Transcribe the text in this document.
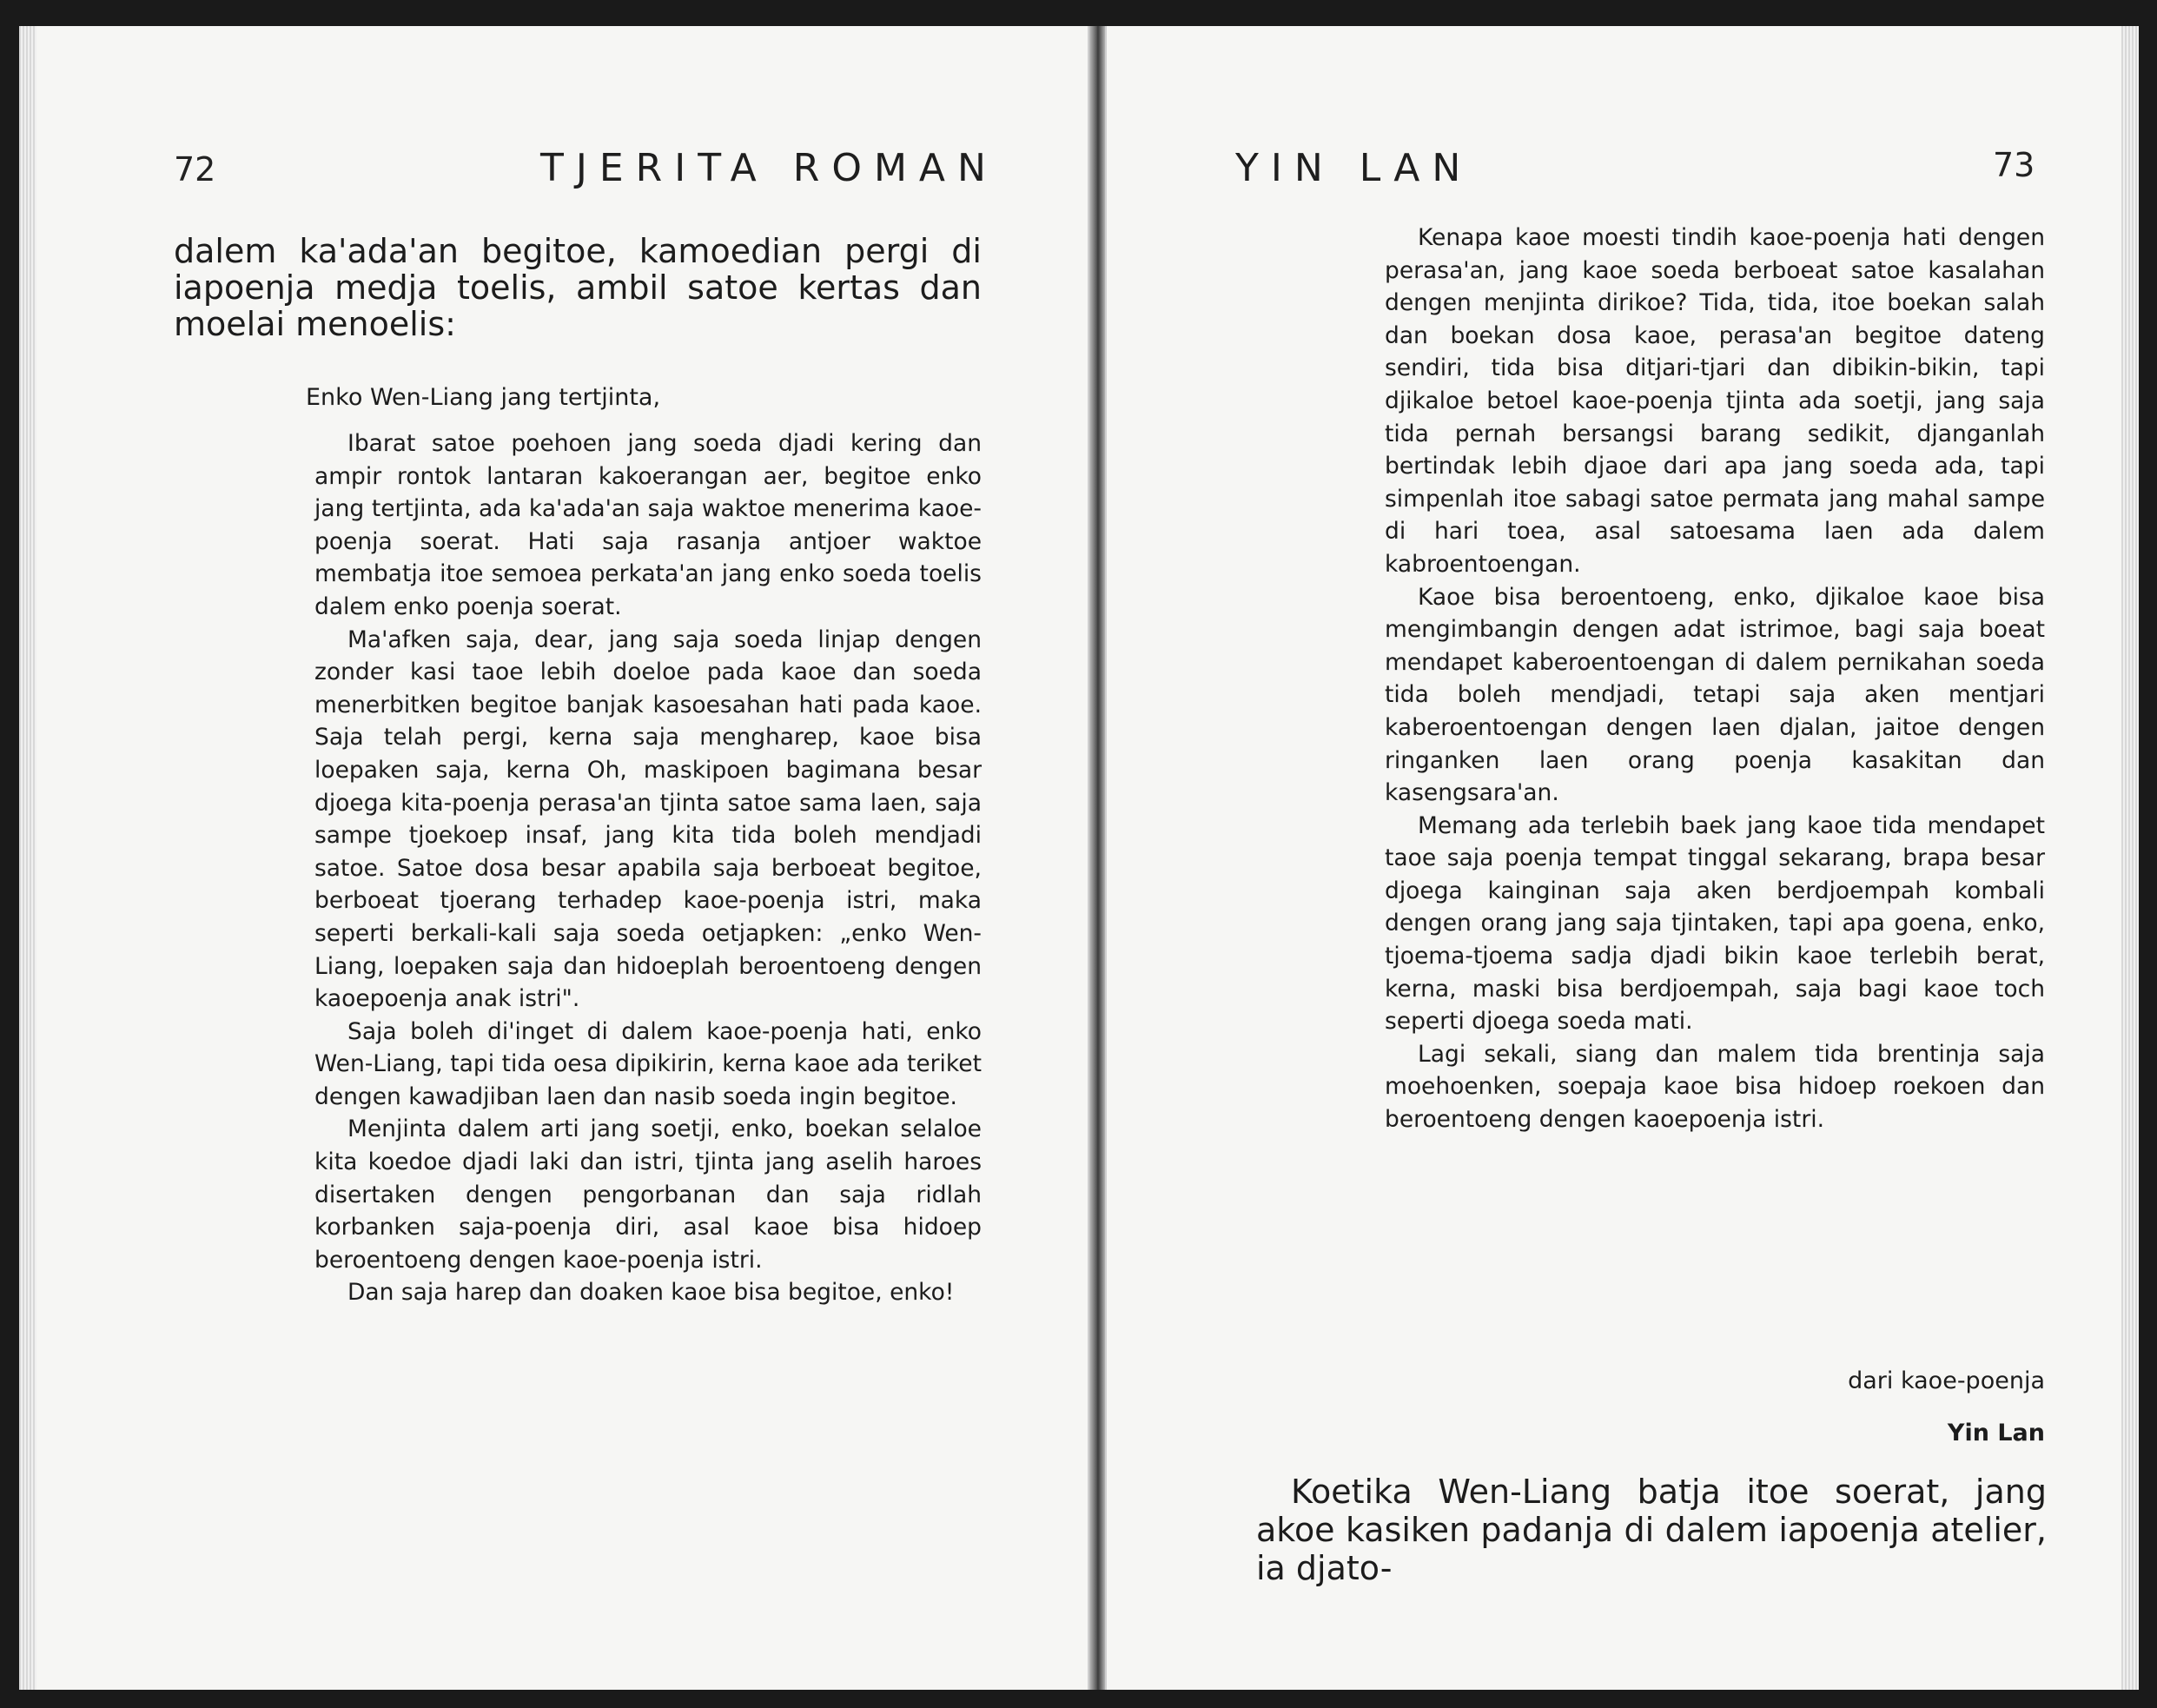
72	TJERITA ROMAN
dalem ka'ada'an begitoe, kamoedian pergi di iapoenja medja toelis, ambil satoe kertas dan moelai menoelis:
Enko Wen-Liang jang tertjinta,

Ibarat satoe poehoen jang soeda djadi kering dan ampir rontok lantaran kakoerangan aer, begitoe enko jang tertjinta, ada ka'ada'an saja waktoe menerima kaoe-poenja soerat. Hati saja rasanja antjoer waktoe membatja itoe semoea perkata'an jang enko soeda toelis dalem enko poenja soerat.

Ma'afken saja, dear, jang saja soeda linjap dengen zonder kasi taoe lebih doeloe pada kaoe dan soeda menerbitken begitoe banjak kasoesahan hati pada kaoe. Saja telah pergi, kerna saja mengharep, kaoe bisa loepaken saja, kerna Oh, maskipoen bagimana besar djoega kita-poenja perasa'an tjinta satoe sama laen, saja sampe tjoekoep insaf, jang kita tida boleh mendjadi satoe. Satoe dosa besar apabila saja berboeat begitoe, berboeat tjoerang terhadep kaoe-poenja istri, maka seperti berkali-kali saja soeda oetjapken: „enko Wen-Liang, loepaken saja dan hidoeplah beroentoeng dengen kaoepoenja anak istri".

Saja boleh di'inget di dalem kaoe-poenja hati, enko Wen-Liang, tapi tida oesa dipikirin, kerna kaoe ada teriket dengen kawadjiban laen dan nasib soeda ingin begitoe.

Menjinta dalem arti jang soetji, enko, boekan selaloe kita koedoe djadi laki dan istri, tjinta jang aselih haroes disertaken dengen pengorbanan dan saja ridlah korbanken saja-poenja diri, asal kaoe bisa hidoep beroentoeng dengen kaoe-poenja istri.

Dan saja harep dan doaken kaoe bisa begitoe, enko!

YIN LAN	73

Kenapa kaoe moesti tindih kaoe-poenja hati dengen perasa'an, jang kaoe soeda berboeat satoe kasalahan dengen menjinta dirikoe? Tida, tida, itoe boekan salah dan boekan dosa kaoe, perasa'an begitoe dateng sendiri, tida bisa ditjari-tjari dan dibikin-bikin, tapi djikaloe betoel kaoe-poenja tjinta ada soetji, jang saja tida pernah bersangsi barang sedikit, djanganlah bertindak lebih djaoe dari apa jang soeda ada, tapi simpenlah itoe sabagi satoe permata jang mahal sampe di hari toea, asal satoesama laen ada dalem kabroentoengan.

Kaoe bisa beroentoeng, enko, djikaloe kaoe bisa mengimbangin dengen adat istrimoe, bagi saja boeat mendapet kaberoentoengan di dalem pernikahan soeda tida boleh mendjadi, tetapi saja aken mentjari kaberoentoengan dengen laen djalan, jaitoe dengen ringanken laen orang poenja kasakitan dan kasengsara'an.

Memang ada terlebih baek jang kaoe tida mendapet taoe saja poenja tempat tinggal sekarang, brapa besar djoega kainginan saja aken berdjoempah kombali dengen orang jang saja tjintaken, tapi apa goena, enko, tjoema-tjoema sadja djadi bikin kaoe terlebih berat, kerna, maski bisa berdjoempah, saja bagi kaoe toch seperti djoega soeda mati.

Lagi sekali, siang dan malem tida brentinja saja moehoenken, soepaja kaoe bisa hidoep roekoen dan beroentoeng dengen kaoepoenja istri.

dari kaoe-poenja
Yin Lan
Koetika Wen-Liang batja itoe soerat, jang akoe kasiken padanja di dalem iapoenja atelier, ia djato-
